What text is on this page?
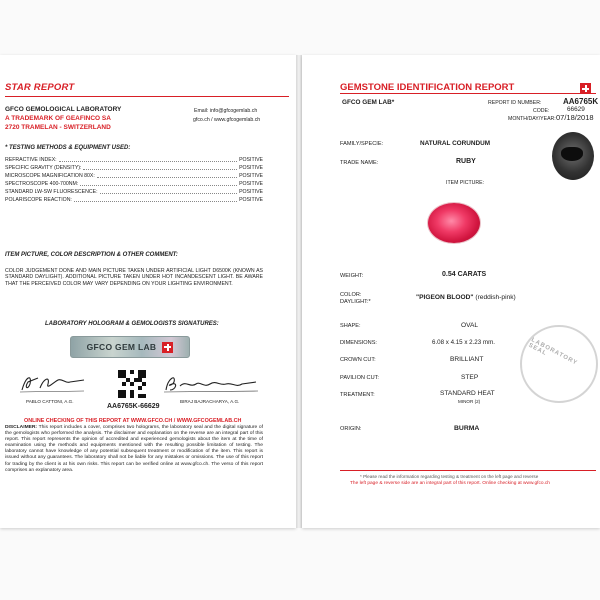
STAR REPORT
GFCO GEMOLOGICAL LABORATORY
A TRADEMARK OF GEAFINCO SA
2720 TRAMELAN - SWITZERLAND
Email: info@gfcogemlab.ch
gfco.ch / www.gfcogemlab.ch
* TESTING METHODS & EQUIPMENT USED:
REFRACTIVE INDEX:	POSITIVE
SPECIFIC GRAVITY (DENSITY):	POSITIVE
MICROSCOPE MAGNIFICATION 80X:	POSITIVE
SPECTROSCOPE 400-700NM:	POSITIVE
STANDARD LW-SW FLUORESCENCE:	POSITIVE
POLARISCOPE REACTION:	POSITIVE
ITEM PICTURE, COLOR DESCRIPTION & OTHER COMMENT:
COLOR JUDGEMENT DONE AND MAIN PICTURE TAKEN UNDER ARTIFICIAL LIGHT D6500K (KNOWN AS STANDARD DAYLIGHT). ADDITIONAL PICTURE TAKEN UNDER HOT INCANDESCENT LIGHT. BE AWARE THAT THE PERCEIVED COLOR MAY VARY DEPENDING ON YOUR LIGHTING ENVIRONMENT.
LABORATORY HOLOGRAM & GEMOLOGISTS SIGNATURES:
GFCO GEM LAB
PABLO CATTONI, A.G.	BIRAJ BAJRACHARYA, A.G.
AA6765K-66629
ONLINE CHECKING OF THIS REPORT AT WWW.GFCO.CH / WWW.GFCOGEMLAB.CH
DISCLAIMER: This report includes a cover, comprises two holograms, the laboratory seal and the digital signature of the gemologists who performed the analysis. The disclaimer and explanation on the reverse are an integral part of this report. This report represents the opinion of accredited and experienced gemologists about the item at the time of examination using the methods and equipments mentioned with the resulting possible limitation of testing. The laboratory cannot have knowledge of any potential subsequent treatment or modification of the item. This report is issued without any guarantees. The laboratory shall not be liable for any mistakes or omissions. The use of this report for trading by the client is at his own risks. This report can be verified online at www.gfco.ch. The verso of this report comprises an explanatory area.
GEMSTONE IDENTIFICATION REPORT
GFCO GEM LAB*	REPORT ID NUMBER:	AA6765K
CODE:	66629
MONTH/DAY/YEAR: 07/18/2018
FAMILY/SPECIE:	NATURAL CORUNDUM
TRADE NAME:	RUBY
ITEM PICTURE:
WEIGHT:	0.54 CARATS
COLOR:
DAYLIGHT:*
"PIGEON BLOOD" (reddish-pink)
SHAPE:	OVAL
DIMENSIONS:	6.08 x 4.15 x 2.23 mm.
CROWN CUT:	BRILLIANT
PAVILION CUT:	STEP
TREATMENT:	STANDARD HEAT
MINOR (2)
ORIGIN:	BURMA
LABORATORY SEAL
* Please read the information regarding testing & treatment on the left page and reverse
The left page & reverse side are an integral part of this report. Online checking at www.gfco.ch
